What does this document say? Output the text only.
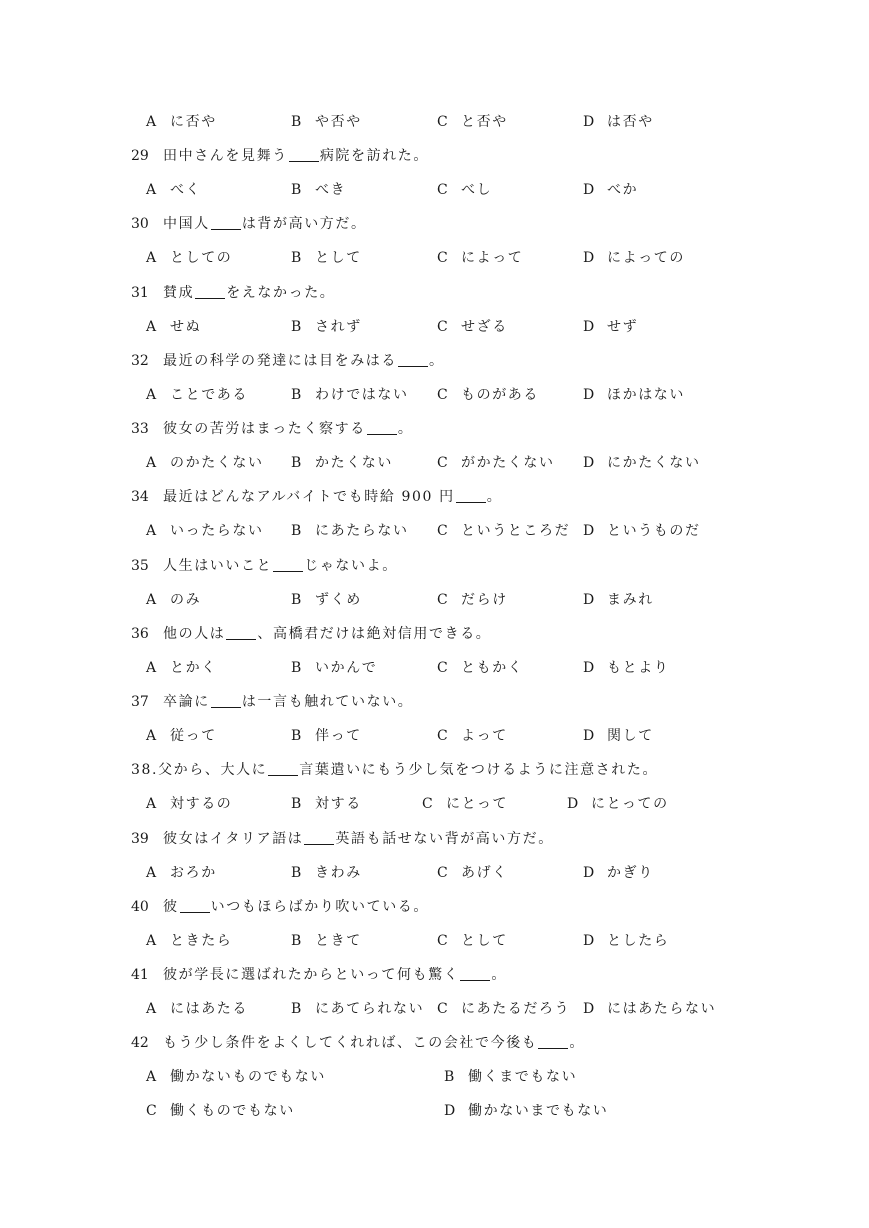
A に否や	B や否や	C と否や	D は否や
29 田中さんを見舞う 病院を訪れた。
A べく	B べき	C べし	D べか
30 中国人 は背が高い方だ。
A としての	B として	C によって	D によっての
31 賛成 をえなかった。
A せぬ	B されず	C せざる	D せず
32 最近の科学の発達には目をみはる 。
A ことである	B わけではない C ものがある	D ほかはない
33 彼女の苦労はまったく察する 。
A のかたくない B かたくない	C がかたくない D にかたくない
34 最近はどんなアルバイトでも時給 900 円 。
A いったらない B にあたらない C というところだ D というものだ
35 人生はいいこと じゃないよ。
A のみ	B ずくめ	C だらけ	D まみれ
36 他の人は 、高橋君だけは絶対信用できる。
A とかく	B いかんで	C ともかく	D もとより
37 卒論に は一言も触れていない。
A 従って	B 伴って	C よって	D 関して
38.父から、大人に 言葉遣いにもう少し気をつけるように注意された。
A 対するの	B 対する	C にとって	D にとっての
39 彼女はイタリア語は 英語も話せない背が高い方だ。
A おろか	B きわみ	C あげく	D かぎり
40 彼 いつもほらばかり吹いている。
A ときたら	B ときて	C として	D としたら
41 彼が学長に選ばれたからといって何も驚く 。
A にはあたる	B にあてられない C にあたるだろう D にはあたらない
42 もう少し条件をよくしてくれれば、この会社で今後も 。
A 働かないものでもない	B 働くまでもない
C 働くものでもない	D 働かないまでもない
